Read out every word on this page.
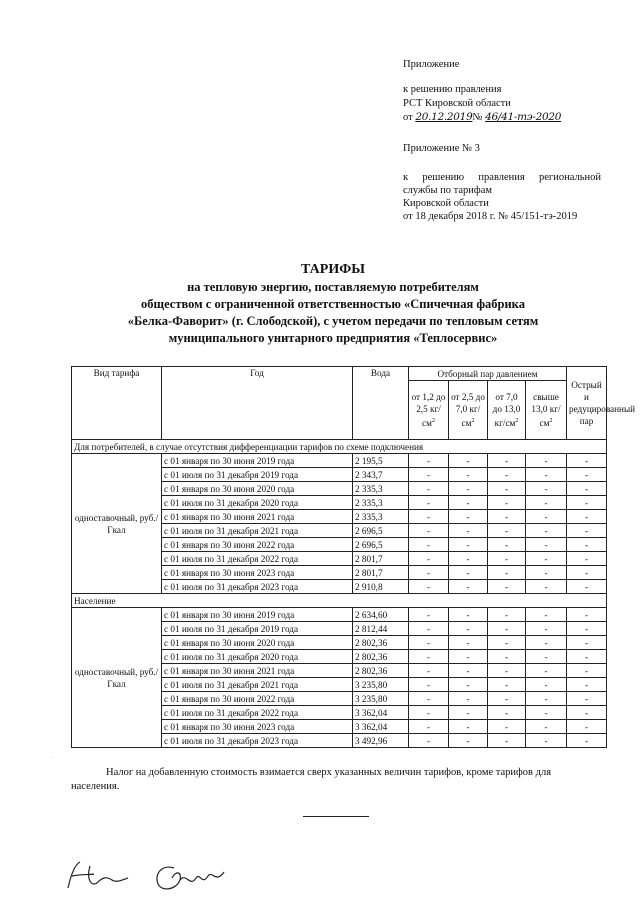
Приложение
к решению правления
РСТ Кировской области
от 20.12.2019№ 46/41-тэ-2020
Приложение № 3
к решению правления региональной
службы по тарифам
Кировской области
от 18 декабря 2018 г. № 45/151-тэ-2019
ТАРИФЫ
на тепловую энергию, поставляемую потребителям
обществом с ограниченной ответственностью «Спичечная фабрика
«Белка-Фаворит» (г. Слободской), с учетом передачи по тепловым сетям
муниципального унитарного предприятия «Теплосервис»
Вид тарифа	Год	Вода	Отборный пар давлением				Острый и редуцированный пар
			от 1,2 до 2,5 $кг/см^2$	от 2,5 до 7,0 $кг/см^2$	от 7,0 до 13,0 $кг/см^2$	свыше 13,0 $кг/см^2$
Для потребителей, в случае отсутствия дифференциации тарифов по схеме подключения							
одноставочный, руб./Гкал	с 01 января по 30 июня 2019 года	2 195,5	-	-	-	-	-
	с 01 июля по 31 декабря 2019 года	2 343,7	-	-	-	-	-
	с 01 января по 30 июня 2020 года	2 335,3	-	-	-	-	-
	с 01 июля по 31 декабря 2020 года	2 335,3	-	-	-	-	-
	с 01 января по 30 июня 2021 года	2 335,3	-	-	-	-	-
	с 01 июля по 31 декабря 2021 года	2 696,5	-	-	-	-	-
	с 01 января по 30 июня 2022 года	2 696,5	-	-	-	-	-
	с 01 июля по 31 декабря 2022 года	2 801,7	-	-	-	-	-
	с 01 января по 30 июня 2023 года	2 801,7	-	-	-	-	-
	с 01 июля по 31 декабря 2023 года	2 910,8	-	-	-	-	-
Население							
одноставочный, руб./Гкал	с 01 января по 30 июня 2019 года	2 634,60	-	-	-	-	-
	с 01 июля по 31 декабря 2019 года	2 812,44	-	-	-	-	-
	с 01 января по 30 июня 2020 года	2 802,36	-	-	-	-	-
	с 01 июля по 31 декабря 2020 года	2 802,36	-	-	-	-	-
	с 01 января по 30 июня 2021 года	2 802,36	-	-	-	-	-
	с 01 июля по 31 декабря 2021 года	3 235,80	-	-	-	-	-
	с 01 января по 30 июня 2022 года	3 235,80	-	-	-	-	-
	с 01 июля по 31 декабря 2022 года	3 362,04	-	-	-	-	-
	с 01 января по 30 июня 2023 года	3 362,04	-	-	-	-	-
	с 01 июля по 31 декабря 2023 года	3 492,96	-	-	-	-	-
Налог на добавленную стоимость взимается сверх указанных величин тарифов, кроме тарифов для населения.
Сем
